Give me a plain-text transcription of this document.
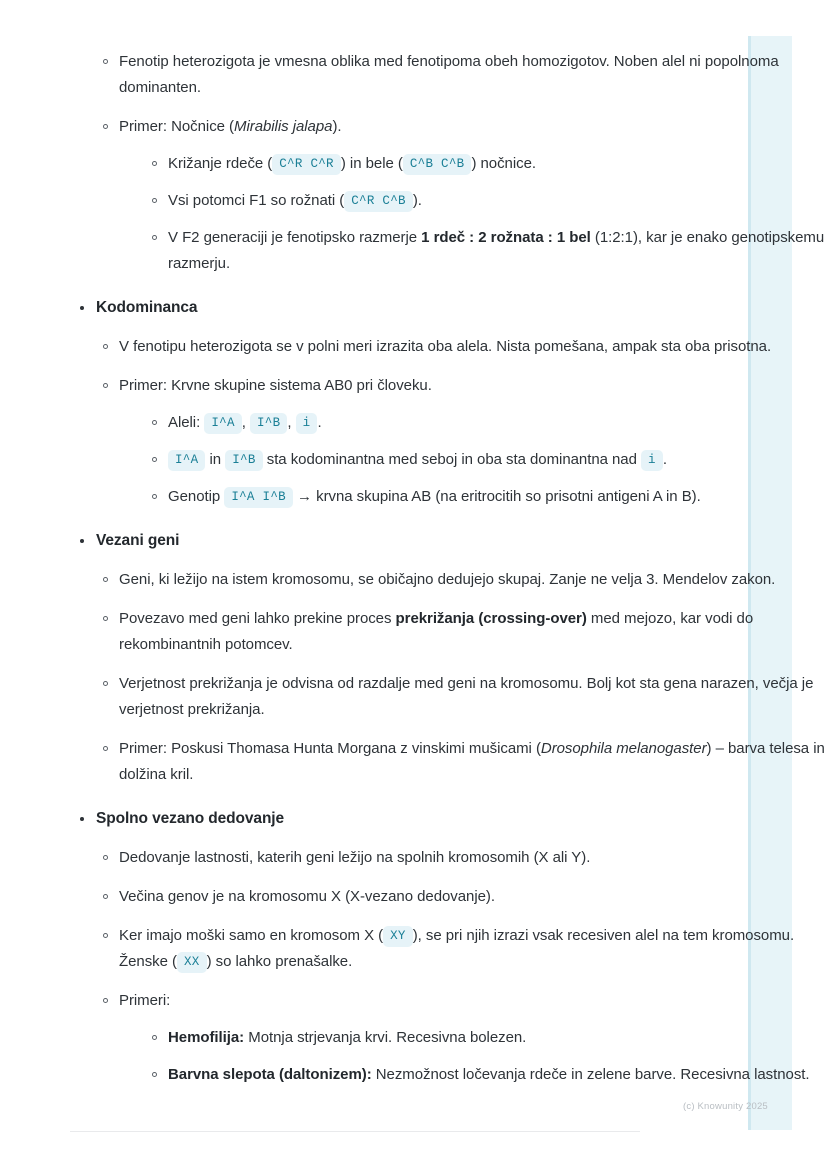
Fenotip heterozigota je vmesna oblika med fenotipoma obeh homozigotov. Noben alel ni popolnoma dominanten.
Primer: Nočnice (Mirabilis jalapa).
Križanje rdeče ( C^R C^R ) in bele ( C^B C^B ) nočnice.
Vsi potomci F1 so rožnati ( C^R C^B ).
V F2 generaciji je fenotipsko razmerje 1 rdeč : 2 rožnata : 1 bel (1:2:1), kar je enako genotipskemu razmerju.
Kodominanca
V fenotipu heterozigota se v polni meri izrazita oba alela. Nista pomešana, ampak sta oba prisotna.
Primer: Krvne skupine sistema AB0 pri človeku.
Aleli: I^A , I^B , i .
I^A in I^B sta kodominantna med seboj in oba sta dominantna nad i .
Genotip I^A I^B → krvna skupina AB (na eritrocitih so prisotni antigeni A in B).
Vezani geni
Geni, ki ležijo na istem kromosomu, se običajno dedujejo skupaj. Zanje ne velja 3. Mendelov zakon.
Povezavo med geni lahko prekine proces prekrižanja (crossing-over) med mejozo, kar vodi do rekombinantnih potomcev.
Verjetnost prekrižanja je odvisna od razdalje med geni na kromosomu. Bolj kot sta gena narazen, večja je verjetnost prekrižanja.
Primer: Poskusi Thomasa Hunta Morgana z vinskimi mušicami (Drosophila melanogaster) – barva telesa in dolžina kril.
Spolno vezano dedovanje
Dedovanje lastnosti, katerih geni ležijo na spolnih kromosomih (X ali Y).
Večina genov je na kromosomu X (X-vezano dedovanje).
Ker imajo moški samo en kromosom X ( XY ), se pri njih izrazi vsak recesiven alel na tem kromosomu. Ženske ( XX ) so lahko prenašalke.
Primeri:
Hemofilija: Motnja strjevanja krvi. Recesivna bolezen.
Barvna slepota (daltonizem): Nezmožnost ločevanja rdeče in zelene barve. Recesivna lastnost.
(c) Knowunity 2025
